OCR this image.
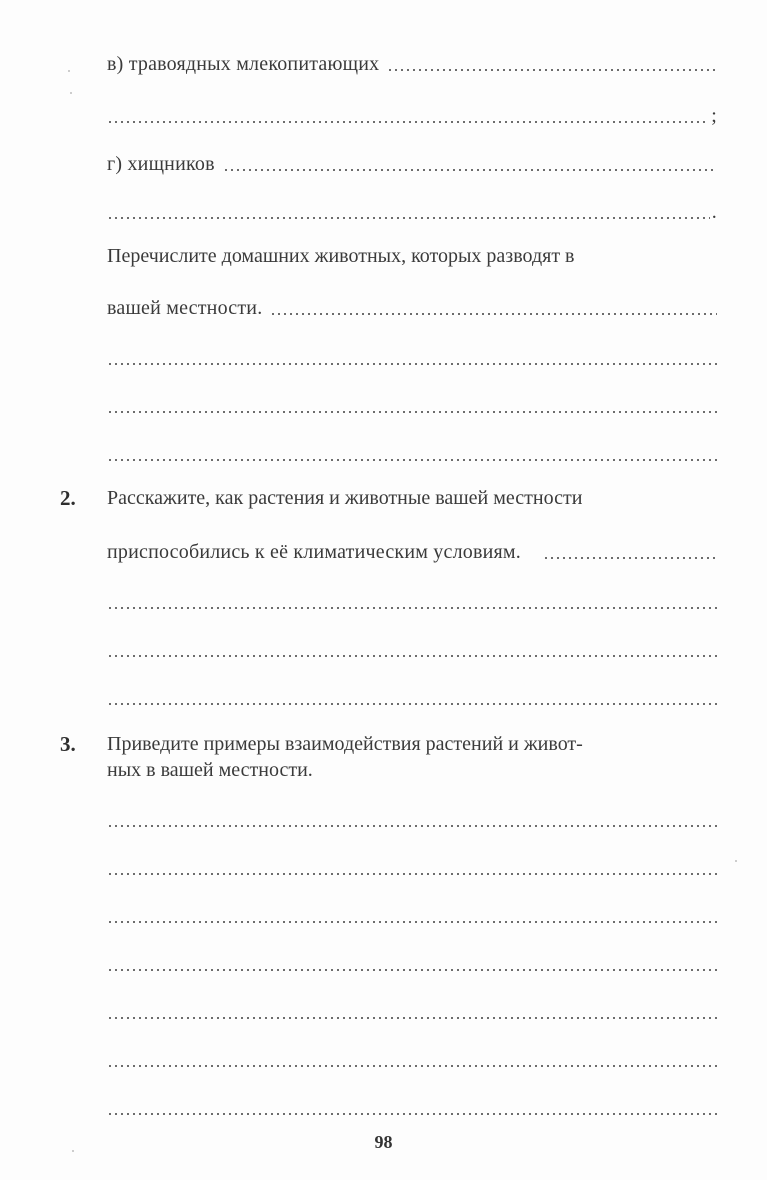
в) травоядных млекопитающих
;
г) хищников
.
Перечислите домашних животных, которых разводят в
вашей местности.
2. Расскажите, как растения и животные вашей местности
приспособились к её климатическим условиям.
3. Приведите примеры взаимодействия растений и живот-
ных в вашей местности.
98
